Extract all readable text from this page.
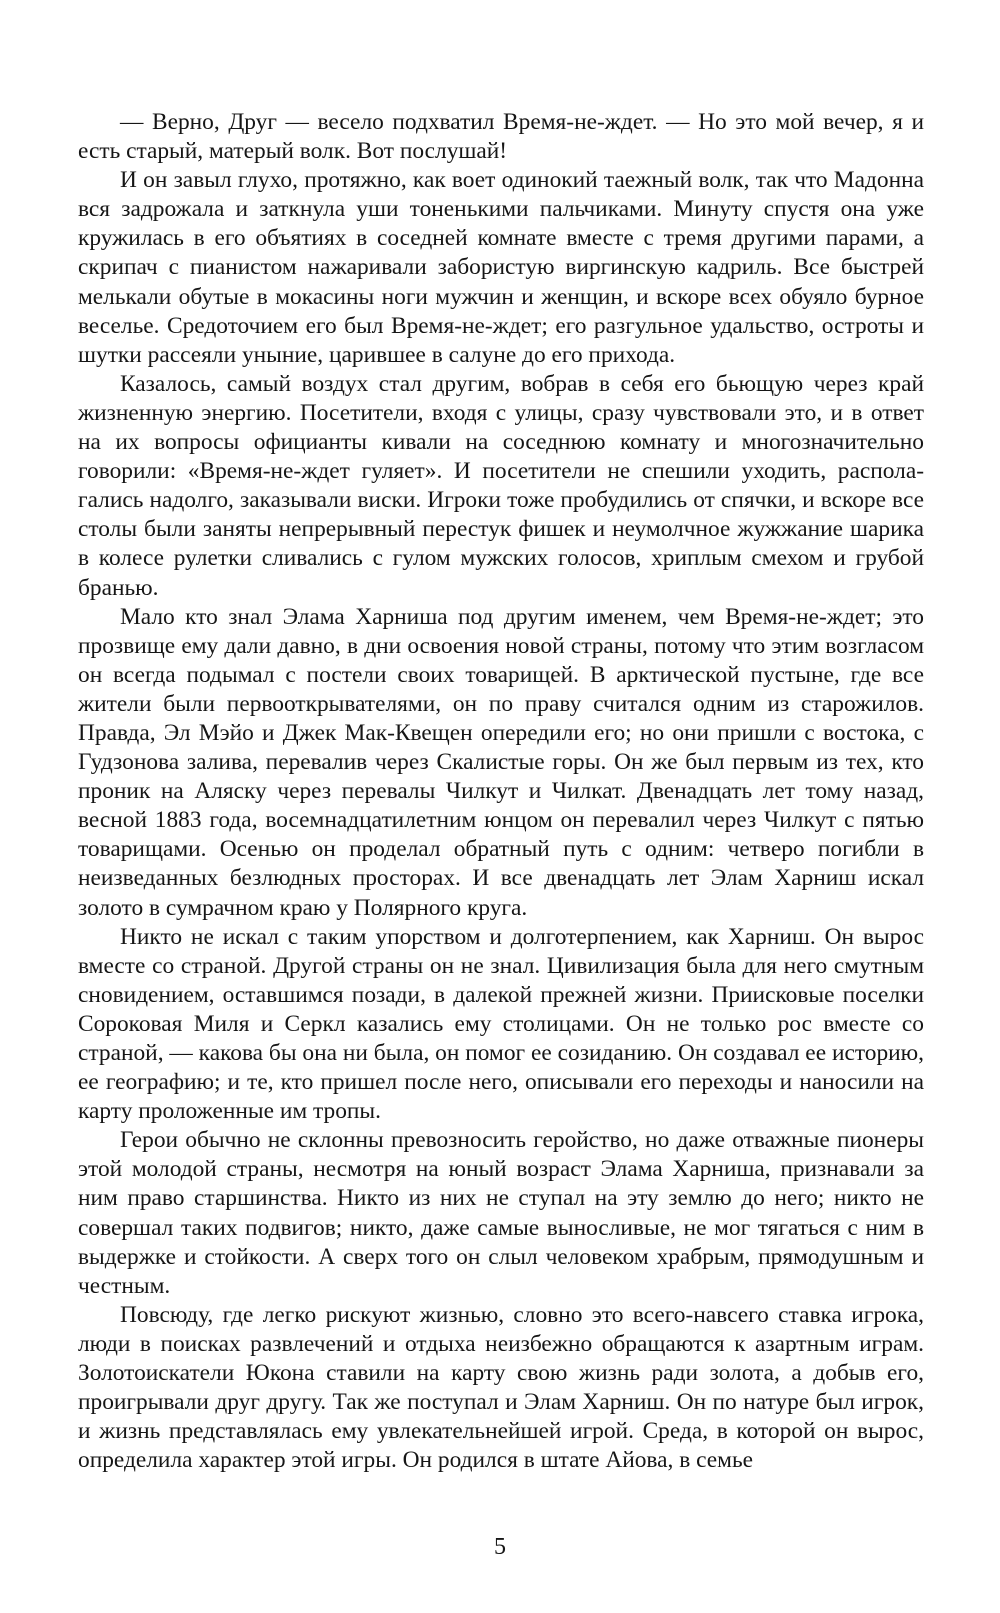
— Верно, Друг — весело подхватил Время-не-ждет. — Но это мой вечер, я и есть старый, матерый волк. Вот послушай!

И он завыл глухо, протяжно, как воет одинокий таежный волк, так что Мадонна вся задрожала и заткнула уши тоненькими пальчиками. Минуту спустя она уже кружилась в его объятиях в соседней комнате вместе с тремя другими парами, а скрипач с пианистом нажаривали забористую виргинскую кадриль. Все быстрей мелькали обутые в мокасины ноги мужчин и женщин, и вскоре всех обуяло бурное веселье. Средоточием его был Время-не-ждет; его разгульное удальство, остроты и шутки рассеяли уныние, царившее в салуне до его прихода.

Казалось, самый воздух стал другим, вобрав в себя его бьющую через край жизненную энергию. Посетители, входя с улицы, сразу чувствовали это, и в ответ на их вопросы официанты кивали на соседнюю комнату и многозначительно говорили: «Время-не-ждет гуляет». И посетители не спешили уходить, располагались надолго, заказывали виски. Игроки тоже пробудились от спячки, и вскоре все столы были заняты непрерывный перестук фишек и неумолчное жужжание шарика в колесе рулетки сливались с гулом мужских голосов, хриплым смехом и грубой бранью.

Мало кто знал Элама Харниша под другим именем, чем Время-не-ждет; это прозвище ему дали давно, в дни освоения новой страны, потому что этим возгласом он всегда подымал с постели своих товарищей. В арктической пустыне, где все жители были первооткрывателями, он по праву считался одним из старожилов. Правда, Эл Мэйо и Джек Мак-Квещен опередили его; но они пришли с востока, с Гудзонова залива, перевалив через Скалистые горы. Он же был первым из тех, кто проник на Аляску через перевалы Чилкут и Чилкат. Двенадцать лет тому назад, весной 1883 года, восемнадцатилетним юнцом он перевалил через Чилкут с пятью товарищами. Осенью он проделал обратный путь с одним: четверо погибли в неизведанных безлюдных просторах. И все двенадцать лет Элам Харниш искал золото в сумрачном краю у Полярного круга.

Никто не искал с таким упорством и долготерпением, как Харниш. Он вырос вместе со страной. Другой страны он не знал. Цивилизация была для него смутным сновидением, оставшимся позади, в далекой прежней жизни. Приисковые поселки Сороковая Миля и Серкл казались ему столицами. Он не только рос вместе со страной, — какова бы она ни была, он помог ее созиданию. Он создавал ее историю, ее географию; и те, кто пришел после него, описывали его переходы и наносили на карту проложенные им тропы.

Герои обычно не склонны превозносить геройство, но даже отважные пионеры этой молодой страны, несмотря на юный возраст Элама Харниша, признавали за ним право старшинства. Никто из них не ступал на эту землю до него; никто не совершал таких подвигов; никто, даже самые выносливые, не мог тягаться с ним в выдержке и стойкости. А сверх того он слыл человеком храбрым, прямодушным и честным.

Повсюду, где легко рискуют жизнью, словно это всего-навсего ставка игрока, люди в поисках развлечений и отдыха неизбежно обращаются к азартным играм. Золотоискатели Юкона ставили на карту свою жизнь ради золота, а добыв его, проигрывали друг другу. Так же поступал и Элам Харниш. Он по натуре был игрок, и жизнь представлялась ему увлекательнейшей игрой. Среда, в которой он вырос, определила характер этой игры. Он родился в штате Айова, в семье

5
